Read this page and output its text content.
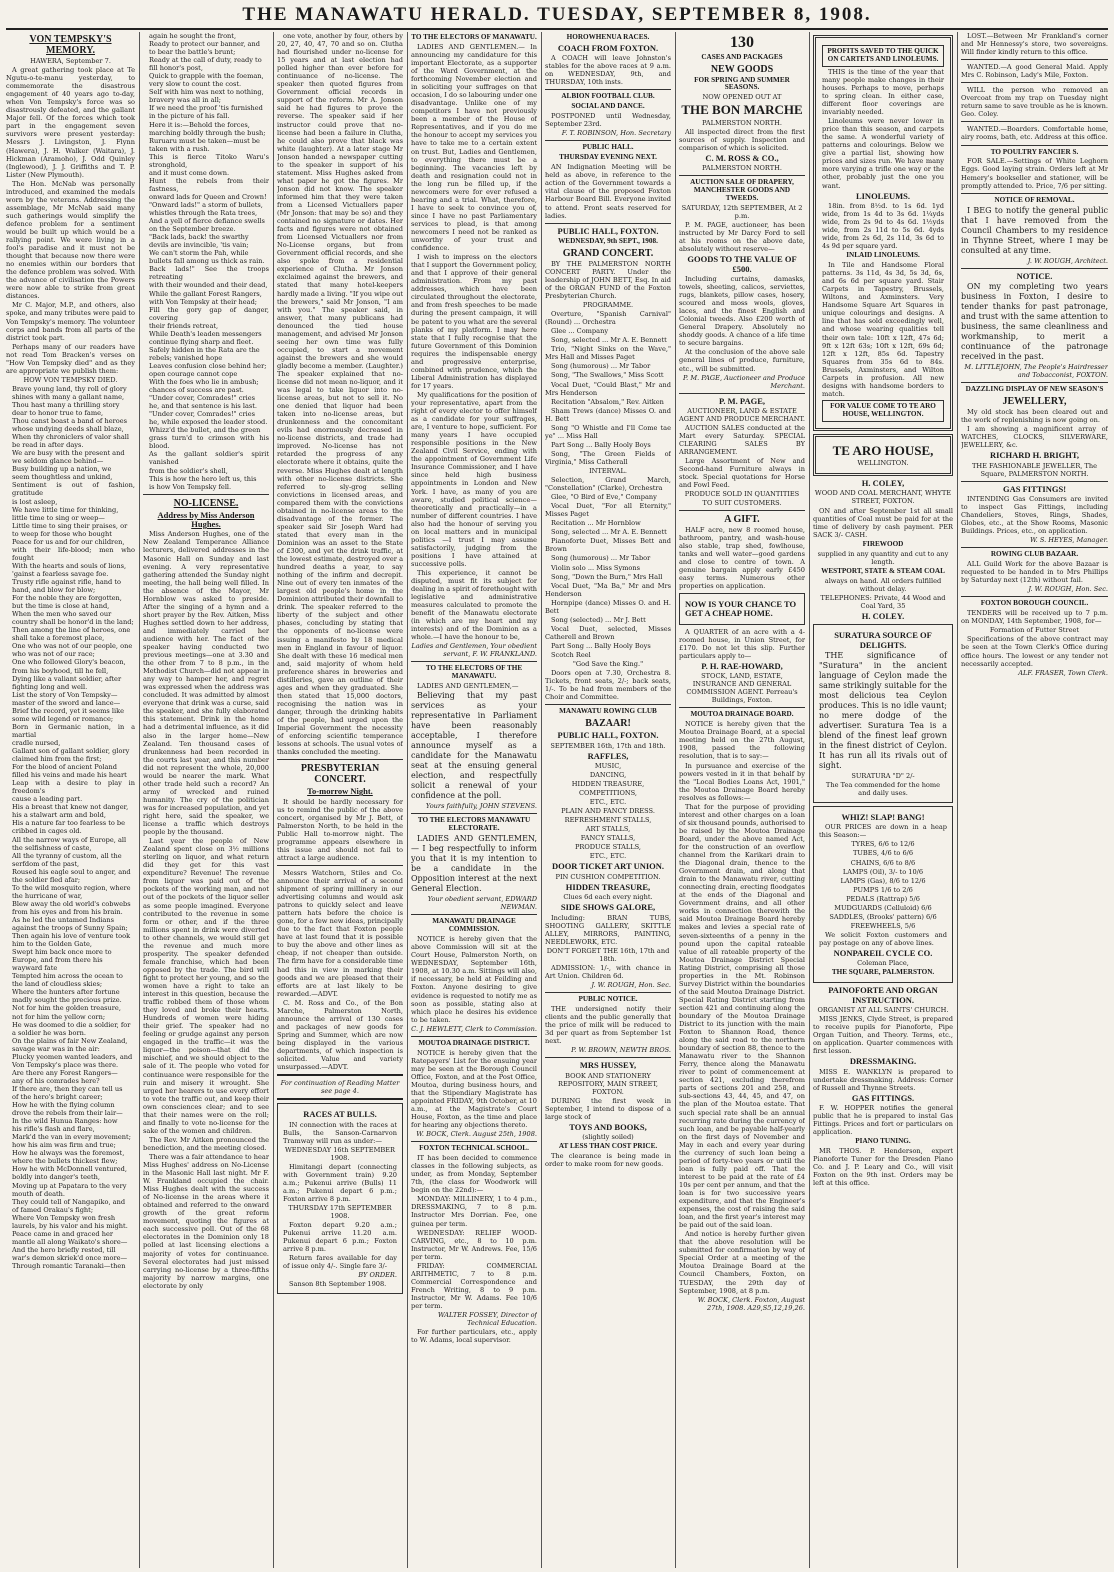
THE MANAWATU HERALD. TUESDAY, SEPTEMBER 8, 1908.
VON TEMPSKY'S MEMORY.

HAWERA, September 7.

A great gathering took place at Te Ngutu-o-te-manu yesterday, to commemorate the disastrous engagement of 40 years ago to-day, when Von Tempsky's force was so disastrously defeated, and the gallant Major fell. Of the forces which took part in the engagement seven survivors were present yesterday: Messrs J. Livingston, J. Flynn (Hawera), J. H. Walker (Waitara), J. Hickman (Aramoho), J. Odd Quinley (Inglewood), J. J. Griffiths and T. P. Lister (New Plymouth).

The Hon. McNab was personally introduced, and examined the medals worn by the veterans. Addressing the assemblage, Mr McNab said many such gatherings would simplify the defence problem for a sentiment would be built up which would be a rallying point. We were living in a fool's paradise and it must not be thought that because now there were no enemies within our borders that the defence problem was solved. With the advance of civilisation the Powers were now able to strike from great distances.

Mr C. Major, M.P., and others, also spoke, and many tributes were paid to Von Tempsky's memory. The volunteer corps and bands from all parts of the district took part.

Perhaps many of our readers have not read Tom Bracken's verses on "How Von Tempsky died" and as they are appropriate we publish them:

HOW VON TEMPSKY DIED.

Brave young land, thy roll of glory

shines with many a gallant name,

Thou hast many a thrilling story

dear to honor true to fame,

Thou canst boast a band of heroes

whose undying deeds shall blaze,

When thy chroniclers of valor shall

be read in after days.

We are busy with the present and

we seldom glance behind—

Busy building up a nation, we

seem thoughtless and unkind,

Sentiment is out of fashion, gratitude

is lost asleep,

We have little time for thinking,

little time to sing or weep—

Little time to sing their praises, or

to weep for those who bought

Peace for us and for our children,

with their life-blood; men who fought

With the hearts and souls of lions,

'gainst a fearless savage foe.

Trusty rifle against rifle, hand to

hand, and blow for blow;

For the noble they are forgotten,

but the time is close at hand,

When the men who saved our

country shall be honor'd in the land;

Then among the line of heroes, one

shall take a foremost place,

One who was not of our people, one

who was not of our race;

One who followed Glory's beacon,

from his boyhood, till he fell,

Dying like a valiant soldier, after

fighting long and well.

List the story of Von Tempsky—

master of the sword and lance—

Brief the record, yet it seems like

some wild legend or romance;

Born in Germanic nation, in a martial

cradle nursed,

Gallant son of gallant soldier, glory

claimed him from the first;

For the blood of ancient Poland

filled his veins and made his heart

Leap with a desire to play in freedom's

cause a leading part.

His a breast that knew not danger,

his a stalwart arm and bold,

His a nature far too fearless to be

cribbed in cages old.

All the narrow ways of Europe, all

the selfishness of caste,

All the tyranny of custom, all the

serfdom of the past,

Roused his eagle soul to anger, and

the soldier fled afar;

To the wild mosquito region, where

the hurricane of war,

Blew away the old world's cobwebs

from his eyes and from his brain.

As he led the untamed Indians

against the troops of Sunny Spain;

Then again his love of venture took

him to the Golden Gate,

Swept him back once more to

Europe, and from there his

wayward fate

Tempted him across the ocean to

the land of cloudless skies;

Where the hunters after fortune

madly sought the precious prize.

Not for him the golden treasure,

not for him the yellow corn;

He was doomed to die a soldier, for

a soldier he was born.

On the plains of fair New Zealand,

savage war was in the air:

Plucky yeomen wanted leaders, and

Von Tempsky's place was there.

Are there any Forest Rangers—

any of his comrades here?

If there are, then they can tell us

of the hero's bright career;

How he with the flying column

drove the rebels from their lair—

In the wild Hunua Ranges: how

his rifle's flash and flare,

Mark'd the van in every movement;

how his aim was firm and true;

How he always was the foremost,

where the bullets thickest flew;

How he with McDonnell ventured,

boldly into danger's teeth,

Moving up at Papatara to the very

mouth of death.

They could tell of Nangapiko, and

of famed Orakau's fight;

Where Von Tempsky won fresh

laurels, by his valor and his might.

Peace came in and graced her

mantle all along Waikato's shore—

And the hero briefly rested, till

war's demon skriek'd once more—

Through romantic Taranaki—then

again he sought the front,

Ready to protect our banner, and

to bear the battle's brunt;

Ready at the call of duty, ready to

fill honor's post,

Quick to grapple with the foeman,

very slow to count the cost.

Self with him was next to nothing,

bravery was all in all;

If we need the proof 'tis furnished

in the picture of his fall.

Here it is:—Behold the forces,

marching boldly through the bush;

Ruruaru must be taken—must be

taken with a rush.

This is fierce Titoko Waru's stronghold,

and it must come down.

Hunt the rebels from their fastness,

onward lads for Queen and Crown!

"Onward lads!" a storm of bullets,

whistles through the Rata trees,

And a yell of fierce defiance swells

on the September breeze.

"Back lads, back! the swarthy

devils are invincible, 'tis vain;

We can't storm the Pah, while

bullets fall among us thick as rain.

Back lads!" See the troops retreating

with their wounded and their dead,

While the gallant Forest Rangers,

with Von Tempsky at their head;

Fill the gory gap of danger, covering

their friends retreat,

While Death's leaden messengers

continue flying sharp and fleet.

Safely hidden in the Rata are the

rebels; vanished hope

Leaves confusion close behind her;

open courage cannot cope

With the foes who lie in ambush;

chances of success are past.

"Under cover, Comrades!" cries

he, and that sentence is his last.

"Under cover, Comrades!" cries

he, while exposed the leader stood.

Whizz'd the bullet, and the green

grass turn'd to crimson with his blood.

As the gallant soldier's spirit vanished

from the soldier's shell,

This is how the hero left us, this

is how Von Tempsky fell.

NO-LICENSE.
Address by Miss Anderson Hughes.

Miss Anderson Hughes, one of the New Zealand Temperance Alliance lecturers, delivered addresses in the Masonic Hall on Sunday and last evening. A very representative gathering attended the Sunday night meeting, the hall being well filled. In the absence of the Mayor, Mr Hornblow was asked to preside. After the singing of a hymn and a short prayer by the Rev. Aitken, Miss Hughes settled down to her address, and immediately carried her audience with her. The fact of the speaker having conducted two previous meetings—one at 3.30 and the other from 7 to 8 p.m., in the Methodist Church—did not appear in any way to hamper her, and regret was expressed when the address was concluded. It was admitted by almost everyone that drink was a curse, said the speaker, and she fully elaborated this statement. Drink in the home had a detrimental influence, as it did also in the larger home—New Zealand. Ten thousand cases of drunkenness had been recorded in the courts last year, and this number did not represent the whole, 20,000 would be nearer the mark. What other trade held such a record? An army of wrecked and ruined humanity. The cry of the politician was for increased population, and yet right here, said the speaker, we license a traffic which destroys people by the thousand.

Last year the people of New Zealand spent close on 3½ millions sterling on liquor, and what return did they get for this vast expenditure? Revenue! The revenue from liquor was paid out of the pockets of the working man, and not out of the pockets of the liquor seller as some people imagined. Everyone contributed to the revenue in some form or other, and if the three millions spent in drink were diverted to other channels, we would still get the revenue and much more prosperity. The speaker defended female franchise, which had been opposed by the trade. The bird will fight to protect her young, and so the women have a right to take an interest in this question, because the traffic robbed them of those whom they loved and broke their hearts. Hundreds of women were hiding their grief. The speaker had no feeling or grudge against any person engaged in the traffic—it was the liquor—the poison—that did the mischief, and we should object to the sale of it. The people who voted for continuance were responsible for the ruin and misery it wrought. She urged her hearers to use every effort to vote the traffic out, and keep their own consciences clear; and to see that their names were on the roll; and finally to vote no-license for the sake of the women and children.

The Rev. Mr Aitken pronounced the benediction, and the meeting closed.

There was a fair attendance to hear Miss Hughes' address on No-License in the Masonic Hall last night. Mr F. W. Frankland occupied the chair. Miss Hughes dealt with the success of No-license in the areas where it obtained and referred to the onward growth of the great reform movement, quoting the figures at each successive poll. Out of the 68 electorates in the Dominion only 18 polled at last licensing elections a majority of votes for continuance. Several electorates had just missed carrying no-license by a three-fifths majority by narrow margins, one electorate by only

one vote, another by four, others by 20, 27, 40, 47, 70 and so on. Clutha had flourished under no-license for 15 years and at last election had polled higher than ever before for continuance of no-license. The speaker then quoted figures from Government official records in support of the reform. Mr A. Jonson said he had figures to prove the reverse. The speaker said if her instructor could prove that no-license had been a failure in Clutha, he could also prove that black was white (laughter). At a later stage Mr Jonson handed a newspaper cutting to the speaker in support of his statement. Miss Hughes asked from what paper he got the figures. Mr Jonson did not know. The speaker informed him that they were taken from a Licensed Victuallers paper (Mr Jonson: that may be so) and they contained no signature or dates. Her facts and figures were not obtained from Licensed Victuallers nor from No-License organs, but from Government official records, and she also spoke from a residential experience of Clutha. Mr Jonson exclaimed against the brewers, and stated that many hotel-keepers hardly made a living. "If you wipe out the brewers," said Mr Jonson, "I am with you." The speaker said, in answer, that many publicans had denounced the tied house management, and advised Mr Jonson seeing her own time was fully occupied, to start a movement against the brewers and she would gladly become a member. (Laughter.) The speaker explained that no-license did not mean no-liquor, and it was legal to take liquor into no-license areas, but not to sell it. No one denied that liquor had been taken into no-license areas, but drunkenness and the concomitant evils had enormously decreased in no-license districts, and trade had improved. No-license has not retarded the progress of any electorate where it obtains, quite the reverse. Miss Hughes dealt at length with other no-license districts. She referred to sly-grog selling convictions in licensed areas, and compared them with the convictions obtained in no-license areas to the disadvantage of the former. The speaker said Sir Joseph Ward had stated that every man in the Dominion was an asset to the State of £300, and yet the drink traffic, at the lowest estimate, destroyed over a hundred deaths a year, to say nothing of the infirm and decrepit. Nine out of every ten inmates of the largest old people's home in the Dominion attributed their downfall to drink. The speaker referred to the liberty of the subject and other phases, concluding by stating that the opponents of no-license were issuing a manifesto by 18 medical men in England in favour of liquor. She dealt with these 16 medical men and, said majority of whom held preference shares in breweries and distilleries, gave an outline of their ages and when they graduated. She then stated that 15,000 doctors, recognising the nation was in danger, through the drinking habits of the people, had urged upon the Imperial Government the necessity of enforcing scientific temperance lessons at schools. The usual votes of thanks concluded the meeting.

PRESBYTERIAN CONCERT.
To-morrow Night.

It should be hardly necessary for us to remind the public of the above concert, organised by Mr J. Bett, of Palmerston North, to be held in the Public Hall to-morrow night. The programme appears elsewhere in this issue and should not fail to attract a large audience.

Messrs Watchorn, Stiles and Co. announce their arrival of a second shipment of spring millinery in our advertising columns and would ask patrons to quickly select and leave pattern hats before the choice is gone, for a few new ideas, principally due to the fact that Foxton people have at last found that it is possible to buy the above and other lines as cheap, if not cheaper than outside. The firm have for a considerable time had this in view in marking their goods and we are pleased that their efforts are at last likely to be rewarded.—ADVT.

C. M. Ross and Co., of the Bon Marche, Palmerston North, announce the arrival of 130 cases and packages of new goods for Spring and Summer, which are now being displayed in the various departments, of which inspection is solicited. Value and variety unsurpassed.—ADVT.

For continuation of Reading Matter see page 4.

RACES AT BULLS.

IN connection with the races at Bulls, the Sanson-Carnarvon Tramway will run as under:—

WEDNESDAY 16th SEPTEMBER 1908.

Himitangi depart (connecting with Government train) 9.20 a.m.; Pukenui arrive (Bulls) 11 a.m.; Pukenui depart 6 p.m.; Foxton arrive 8 p.m.

THURSDAY 17th SEPTEMBER 1908.

Foxton depart 9.20 a.m.; Pukenui arrive 11.20 a.m. Pukenui depart 6 p.m.; Foxton arrive 8 p.m.

Return fares available for day of issue only 4/-. Single fare 3/-

BY ORDER.

Sanson 8th September 1908.

TO THE ELECTORS OF MANAWATU.

LADIES AND GENTLEMEN.— In announcing my candidature for this important Electorate, as a supporter of the Ward Government, at the forthcoming November election and in soliciting your suffrages on that occasion, I do so labouring under one disadvantage. Unlike one of my competitors I have not previously been a member of the House of Representatives, and if you do me the honour to accept my services you have to take me to a certain extent on trust. But, Ladies and Gentlemen, to everything there must be a beginning. The vacancies left by death and resignation could not in the long run be filled up, if the newcomers were for ever refused a hearing and a trial. What, therefore, I have to seek to convince you of, since I have no past Parliamentary services to plead, is that among newcomers I need not be ranked as unworthy of your trust and confidence.

I wish to impress on the electors that I support the Government policy, and that I approve of their general administration. From my past addresses, which have been circulated throughout the electorate, and from fresh speeches to be made during the present campaign, it will be patent to you what are the several planks of my platform. I may here state that I fully recognise that the future Government of this Dominion requires the indispensable energy and progressive enterprise, combined with prudence, which the Liberal Administration has displayed for 17 years.

My qualifications for the position of your representative, apart from the right of every elector to offer himself as a candidate for your suffrages, are, I venture to hope, sufficient. For many years I have occupied responsible positions in the New Zealand Civil Service, ending with the appointment of Government Life Insurance Commissioner, and I have since held high business appointments in London and New York. I have, as many of you are aware, studied political science—theoretically and practically—in a number of different countries. I have also had the honour of serving you on local matters and in municipal politics —I trust I may assume satisfactorily, judging from the positions I have attained at successive polls.

This experience, it cannot be disputed, must fit its subject for dealing in a spirit of forethought with legislative and administrative measures calculated to promote the benefit of the Manawatu electorate (in which are my heart and my interests) and of the Dominion as a whole.—I have the honour to be,

Ladies and Gentlemen, Your obedient servant, F. W. FRANKLAND.

TO THE ELECTORS OF THE MANAWATU.

LADIES AND GENTLEMEN,—

Believing that my past services as your representative in Parliament have been reasonably acceptable, I therefore announce myself as a candidate for the Manawatu seat at the ensuing general election, and respectfully solicit a renewal of your confidence at the poll.

Yours faithfully, JOHN STEVENS.

TO THE ELECTORS MANAWATU ELECTORATE.

LADIES AND GENTLEMEN,— I beg respectfully to inform you that it is my intention to be a candidate in the Opposition interest at the next General Election.

Your obedient servant, EDWARD NEWMAN.

MANAWATU DRAINAGE COMMISSION.

NOTICE is hereby given that the above Commission will sit at the Court House, Palmerston North, on WEDNESDAY, September 16th, 1908, at 10.30 a.m. Sittings will also, if necessary, be held at Feilding and Foxton. Anyone desiring to give evidence is requested to notify me as soon as possible, stating also at which place he desires his evidence to be taken.

C. J. HEWLETT, Clerk to Commission.

MOUTOA DRAINAGE DISTRICT.

NOTICE is hereby given that the Ratepayers' List for the ensuing year may be seen at the Borough Council Office, Foxton, and at the Post Office, Moutoa, during business hours, and that the Stipendiary Magistrate has appointed FRIDAY, 9th October, at 10 a.m., at the Magistrate's Court House, Foxton, as the time and place for hearing any objections thereto.

W. BOCK, Clerk. August 25th, 1908.

FOXTON TECHNICAL SCHOOL.

IT has been decided to commence classes in the following subjects, as under, as from Monday, September 7th, (the class for Woodwork will begin on the 22nd):—

MONDAY: MILLINERY, 1 to 4 p.m., DRESSMAKING, 7 to 8 p.m. Instructor Mrs Dorrian. Fee, one guinea per term.

WEDNESDAY: RELIEF WOOD-CARVING, etc., 8 to 10 p.m. Instructor, Mr W. Andrews. Fee, 15/6 per term.

FRIDAY: COMMERCIAL ARITHMETIC, 7 to 8 p.m. Commercial Correspondence and French Writing, 8 to 9 p.m. Instructor, Mr W. Adams. Fee 10/6 per term.

WALTER FOSSEY, Director of Technical Education.

For further particulars, etc., apply to W. Adams, local supervisor.

HOROWHENUA RACES.
COACH FROM FOXTON.

A COACH will leave Johnston's stables for the above races at 9 a.m. on WEDNESDAY, 9th, and THURSDAY, 10th insts.

ALBION FOOTBALL CLUB.
SOCIAL AND DANCE.

POSTPONED until Wednesday, September 23rd.

F. T. ROBINSON, Hon. Secretary

PUBLIC HALL.
THURSDAY EVENING NEXT.

AN Indignation Meeting will be held as above, in reference to the action of the Government towards a vital clause of the proposed Foxton Harbour Board Bill. Everyone invited to attend. Front seats reserved for ladies.

PUBLIC HALL, FOXTON.
WEDNESDAY, 9th SEPT., 1908.
GRAND CONCERT.

BY THE PALMERSTON NORTH CONCERT PARTY. Under the leadership of JOHN BETT, Esq. In aid of the ORGAN FUND of the Foxton Presbyterian Church.

PROGRAMME.

Overture, "Spanish Carnival" (Round) ... Orchestra

Glee ... Company

Song, selected ... Mr A. E. Bennett

Trio, "Night Sinks on the Wave," Mrs Hall and Misses Paget

Song (humorous) ... Mr Tabor

Song, "The Swallows," Miss Scott

Vocal Duet, "Could Blast," Mr and Mrs Henderson

Recitation "Absalom," Rev. Aitken

Sham Trews (dance) Misses O. and H. Bett

Song "O Whistle and I'll Come tae ye" ... Miss Hall

Part Song ... Bally Hooly Boys

Song, "The Green Fields of Virginia," Miss Catherall

INTERVAL.

Selection, Grand March, "Constellation" (Clarke), Orchestra

Glee, "O Bird of Eve," Company

Vocal Duet, "For all Eternity," Misses Paget

Recitation ... Mr Hornblow

Song, selected ... Mr A. E. Bennett

Pianoforte Duet, Misses Bett and Brown

Song (humorous) ... Mr Tabor

Violin solo ... Miss Symons

Song, "Down the Burn," Mrs Hall

Vocal Duet, "Ma Ba," Mr and Mrs Henderson

Hornpipe (dance) Misses O. and H. Bett

Song (selected) ... Mr J. Bett

Vocal Duet, selected, Misses Catherell and Brown

Part Song ... Bally Hooly Boys

Scotch Reel

"God Save the King."

Doors open at 7.30, Orchestra 8. Tickets, front seats, 2/-; back seats, 1/-. To be had from members of the Choir and Committee.

MANAWATU ROWING CLUB
BAZAAR!
PUBLIC HALL, FOXTON.

SEPTEMBER 16th, 17th and 18th.

RAFFLES,

MUSIC,

DANCING,

HIDDEN TREASURE,

COMPETITIONS,

ETC., ETC.

PLAIN AND FANCY DRESS.

REFRESHMENT STALLS,

ART STALLS,

FANCY STALLS,

PRODUCE STALLS,

ETC., ETC.

DOOR TICKET ART UNION.

PIN CUSHION COMPETITION.

HIDDEN TREASURE,

Clues 6d each every night.

SIDE SHOWS GALORE,

Including: BRAN TUBS, SHOOTING GALLERY, SKITTLE ALLEY, MIRRORS, PAINTING, NEEDLEWORK, ETC.

DON'T FORGET THE 16th, 17th and 18th.

ADMISSION: 1/-, with chance in Art Union. Children 6d.

J. W. ROUGH, Hon. Sec.

PUBLIC NOTICE.

THE undersigned notify their clients and the public generally that the price of milk will be reduced to 3d per quart as from September 1st next.

P. W. BROWN, NEWTH BROS.

MRS HUSSEY,

BOOK AND STATIONERY REPOSITORY, MAIN STREET, FOXTON.

DURING the first week in September, I intend to dispose of a large stock of

TOYS AND BOOKS,

(slightly soiled)

AT LESS THAN COST PRICE.

The clearance is being made in order to make room for new goods.

130
CASES AND PACKAGES
NEW GOODS
FOR SPRING AND SUMMER SEASONS.

NOW OPENED OUT AT

THE BON MARCHE

PALMERSTON NORTH.

All inspected direct from the first sources of supply. Inspection and comparison of which is solicited.

C. M. ROSS & CO.,

PALMERSTON NORTH.

AUCTION SALE OF DRAPERY, MANCHESTER GOODS AND TWEEDS.

SATURDAY, 12th SEPTEMBER, At 2 p.m.

P. M. PAGE, auctioneer, has been instructed by Mr Darcy Ford to sell at his rooms on the above date, absolutely without reserve—

GOODS TO THE VALUE OF £500.

Including curtains, damasks, towels, sheeting, calicos, serviettes, rugs, blankets, pillow cases, hosery, scoured and moss wools, gloves, laces, and the finest English and Colonial tweeds. Also £200 worth of General Drapery. Absolutely no shoddy goods. A chance of a life time to secure bargains.

At the conclusion of the above sale general lines of produce, furniture, etc., will be submitted.

P. M. PAGE, Auctioneer and Produce Merchant.

P. M. PAGE,

AUCTIONEER, LAND & ESTATE AGENT AND PRODUCE MERCHANT.

AUCTION SALES conducted at the Mart every Saturday. SPECIAL CLEARING SALES BY ARRANGEMENT.

Large Assortment of New and Second-hand Furniture always in stock. Special quotations for Horse and Fowl Feed.

PRODUCE SOLD IN QUANTITIES TO SUIT CUSTOMERS.

A GIFT.

HALF acre, new 8 roomed house, bathroom, pantry, and wash-house also stable, trap shed, fowlhouse, tanks and well water—good gardens and close to centre of town. A genuine bargain apply early £450 easy terms. Numerous other properties on application.

NOW IS YOUR CHANCE TO GET A CHEAP HOME.

A QUARTER of an acre with a 4-roomed house, in Union Street, for £170. Do not let this slip. Further particulars apply to—

P. H. RAE-HOWARD,

STOCK, LAND, ESTATE, INSURANCE AND GENERAL COMMISSION AGENT. Perreau's Buildings, Foxton.

MOUTOA DRAINAGE BOARD.

NOTICE is hereby given that the Moutoa Drainage Board, at a special meeting held on the 27th August, 1908, passed the following resolution, that is to say:—

In pursuance and exercise of the powers vested in it in that behalf by the "Local Bodies Loans Act, 1901," the Moutoa Drainage Board hereby resolves as follows:—

That for the purpose of providing interest and other charges on a loan of six thousand pounds, authorised to be raised by the Moutoa Drainage Board, under the above named Act, for the construction of an overflow channel from the Karikari drain to the Diagonal drain, thence to the Government drain, and along that drain to the Manawatu river, cutting connecting drain, erecting floodgates at the ends of the Diagonal and Government drains, and all other works in connection therewith the said Moutoa Drainage Board hereby makes and levies a special rate of seven-sixteenths of a penny in the pound upon the capital rateable value of all rateable property of the Moutoa Drainage District Special Rating District, comprising all those properties in the Mt. Robinson Survey District within the boundaries of the said Moutoa Drainage District. Special Rating District starting from section 421 and continuing along the boundary of the Moutoa Drainage District to its junction with the main Foxton to Shannon Road, thence along the said road to the northern boundary of section 88, thence to the Manawatu river to the Shannon Ferry, thence along the Manawatu river to point of commencement at section 421, excluding therefrom parts of sections 201 and 258, and sub-sections 43, 44, 45, and 47, on the plan of the Moutoa estate. That such special rate shall be an annual recurring rate during the currency of such loan, and be payable half-yearly on the first days of November and May in each and every year during the currency of such loan being a period of forty-two years or until the loan is fully paid off. That the interest to be paid at the rate of £4 10s per cent per annum, and that the loan is for two successive years expenditure, and that the Engineer's expenses, the cost of raising the said loan, and the first year's interest may be paid out of the said loan.

And notice is hereby further given that the above resolution will be submitted for confirmation by way of Special Order at a meeting of the Moutoa Drainage Board at the Council Chambers, Foxton, on TUESDAY, the 29th day of September, 1908, at 8 p.m.

W. BOCK, Clerk. Foxton, August 27th, 1908. A29,S5,12,19,26.

PROFITS SAVED TO THE QUICK ON CARTETS AND LINOLEUMS.

THIS is the time of the year that many people make changes in their houses. Perhaps to move, perhaps to spring clean. In either case, different floor coverings are invariably needed.

Linoleums were never lower in price than this season, and carpets the same. A wonderful variety of patterns and colourings. Below we give a partial list, showing how prices and sizes run. We have many more varying a trifle one way or the other, probably just the one you want.

LINOLEUMS.

18in. from 8½d. to 1s 6d. 1yd wide, from 1s 4d to 3s 6d. 1¼yds wide, from 2s 9d to 4s 6d. 1½yds wide, from 2s 11d to 5s 6d. 4yds wide, from 2s 6d, 2s 11d, 3s 6d to 4s 9d per square yard.

INLAID LINOLEUMS.

In Tile and Handsome Floral patterns. 3s 11d, 4s 3d, 5s 3d, 6s, and 6s 6d per square yard. Stair Carpets in Tapestry, Brussels, Wiltons, and Axminsters. Very Handsome Square Art Squares in unique colourings and designs. A line that has sold exceedingly well, and whose wearing qualities tell their own tale: 10ft x 12ft, 47s 6d; 9ft x 12ft 63s; 10ft x 12ft, 69s 6d; 12ft x 12ft, 85s 6d. Tapestry Squares from 35s 6d to 84s. Brussels, Axminsters, and Wilton Carpets in profusion. All new designs with handsome borders to match.

FOR VALUE COME TO TE ARO HOUSE, WELLINGTON.
TE ARO HOUSE,

WELLINGTON.

H. COLEY,

WOOD AND COAL MERCHANT, WHYTE STREET, FOXTON.

ON and after September 1st all small quantities of Coal must be paid for at the time of delivery by cash payment. PER SACK 3/- CASH.

FIREWOOD

supplied in any quantity and cut to any length.

WESTPORT, STATE & STEAM COAL

always on hand. All orders fulfilled without delay.

TELEPHONES: Private, 44 Wood and Coal Yard, 35

H. COLEY.
SURATURA SOURCE OF DELIGHTS.

THE significance of "Suratura" in the ancient language of Ceylon made the same strikingly suitable for the most delicious tea Ceylon produces. This is no idle vaunt; no mere dodge of the advertiser. Suratura Tea is a blend of the finest leaf grown in the finest district of Ceylon. It has run all its rivals out of sight.

SURATURA "D" 2/-

The Tea commended for the home and daily uses.

WHIZ! SLAP! BANG!

OUR PRICES are down in a heap this Season:—

TYRES, 6/6 to 12/6

TUBES, 4/6 to 6/6

CHAINS, 6/6 to 8/6

LAMPS (Oil), 3/- to 10/6

LAMPS (Gas), 8/6 to 12/6

PUMPS 1/6 to 2/6

PEDALS (Rattrap) 5/6

MUDGUARDS (Celluloid) 6/6

SADDLES, (Brooks' pattern) 6/6

FREEWHEELS, 5/6

We solicit Foxton customers and pay postage on any of above lines.

NONPAREIL CYCLE CO.

Coleman Place,

THE SQUARE, PALMERSTON.
PAINOFORTE AND ORGAN INSTRUCTION.

ORGANIST AT ALL SAINTS' CHURCH.

MISS JENKS, Clyde Street, is prepared to receive pupils for Pianoforte, Pipe Organ Tuition, and Theory. Terms, etc., on application. Quarter commences with first lesson.

DRESSMAKING.

MISS E. WANKLYN is prepared to undertake dressmaking. Address: Corner of Russell and Thynne Streets.

GAS FITTINGS.

F. W. HOPPER notifies the general public that he is prepared to instal Gas Fittings. Prices and fort or particulars on application.

PIANO TUNING.

MR THOS. P. Henderson, expert Pianoforte Tuner for the Dresden Piano Co. and J. P. Leary and Co., will visit Foxton on the 9th inst. Orders may be left at this office.

LOST.—Between Mr Frankland's corner and Mr Hennessy's store, two sovereigns. Will finder kindly return to this office.

WANTED.—A good General Maid. Apply Mrs C. Robinson, Lady's Mile, Foxton.

WILL the person who removed an Overcoat from my trap on Tuesday night return same to save trouble as he is known. Geo. Coley.

WANTED.—Boarders. Comfortable home, airy rooms, bath, etc. Address at this office.

TO POULTRY FANCIER S.

FOR SALE.—Settings of White Leghorn Eggs. Good laying strain. Orders left at Mr Hemery's bookseller and stationer, will be promptly attended to. Price, 7/6 per sitting.

NOTICE OF REMOVAL.

I BEG to notify the general public that I have removed from the Council Chambers to my residence in Thynne Street, where I may be consulted at any time.

J. W. ROUGH, Architect.

NOTICE.

ON my completing two years business in Foxton, I desire to tender thanks for past patronage, and trust with the same attention to business, the same cleanliness and workmanship, to merit a continuance of the patronage received in the past.

M. LITTLEJOHN, The People's Hairdresser and Tobacconist, FOXTON.

DAZZLING DISPLAY OF NEW SEASON'S
JEWELLERY,

My old stock has been cleared out and the work of replenishing is now going on.

I am showing a magnificent array of WATCHES, CLOCKS, SILVERWARE, JEWELLERY, &c.

RICHARD H. BRIGHT,

THE FASHIONABLE JEWELLER, The Square, PALMERSTON NORTH.

GAS FITTINGS!

INTENDING Gas Consumers are invited to inspect Gas Fittings, including Chandeliers, Stoves, Rings, Shades, Globes, etc., at the Show Rooms, Masonic Buildings. Prices, etc., on application.

W. S. HEYES, Manager.

ROWING CLUB BAZAAR.

ALL Guild Work for the above Bazaar is requested to be handed in to Mrs Phillips by Saturday next (12th) without fail.

J. W. ROUGH, Hon. Sec.

FOXTON BOROUGH COUNCIL.

TENDERS will be received up to 7 p.m. on MONDAY, 14th September, 1908, for—

Formation of Futter Street

Specifications of the above contract may be seen at the Town Clerk's Office during office hours. The lowest or any tender not necessarily accepted.

ALF. FRASER, Town Clerk.
